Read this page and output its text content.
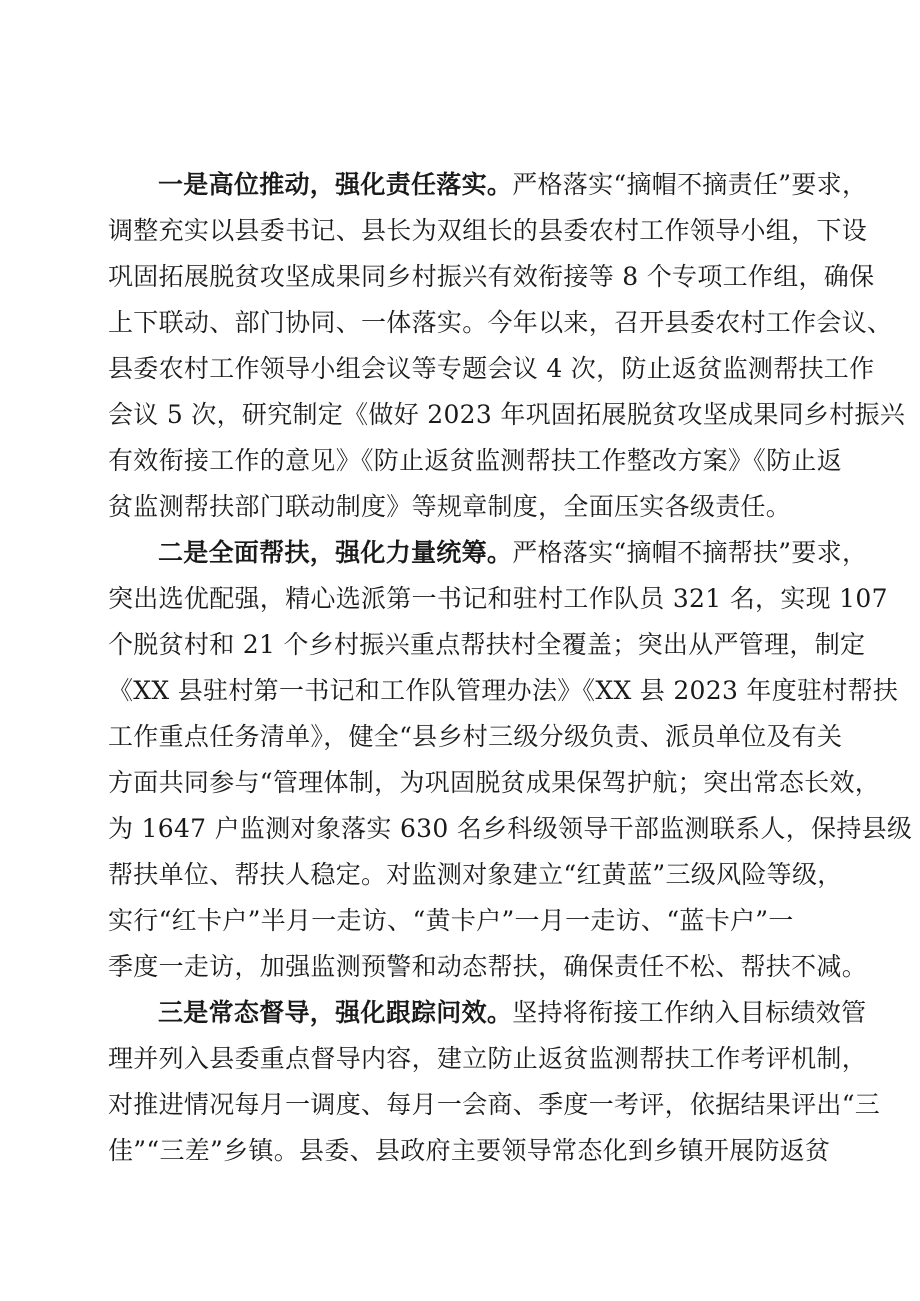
一是高位推动，强化责任落实。严格落实“摘帽不摘责任”要求，
调整充实以县委书记、县长为双组长的县委农村工作领导小组，下设
巩固拓展脱贫攻坚成果同乡村振兴有效衔接等 8 个专项工作组，确保
上下联动、部门协同、一体落实。今年以来，召开县委农村工作会议、
县委农村工作领导小组会议等专题会议 4 次，防止返贫监测帮扶工作
会议 5 次，研究制定《做好 2023 年巩固拓展脱贫攻坚成果同乡村振兴
有效衔接工作的意见》《防止返贫监测帮扶工作整改方案》《防止返
贫监测帮扶部门联动制度》等规章制度，全面压实各级责任。
二是全面帮扶，强化力量统筹。严格落实“摘帽不摘帮扶”要求，
突出选优配强，精心选派第一书记和驻村工作队员 321 名，实现 107
个脱贫村和 21 个乡村振兴重点帮扶村全覆盖；突出从严管理，制定
《XX 县驻村第一书记和工作队管理办法》《XX 县 2023 年度驻村帮扶
工作重点任务清单》，健全“县乡村三级分级负责、派员单位及有关
方面共同参与“管理体制，为巩固脱贫成果保驾护航；突出常态长效，
为 1647 户监测对象落实 630 名乡科级领导干部监测联系人，保持县级
帮扶单位、帮扶人稳定。对监测对象建立“红黄蓝”三级风险等级，
实行“红卡户”半月一走访、“黄卡户”一月一走访、“蓝卡户”一
季度一走访，加强监测预警和动态帮扶，确保责任不松、帮扶不减。
三是常态督导，强化跟踪问效。坚持将衔接工作纳入目标绩效管
理并列入县委重点督导内容，建立防止返贫监测帮扶工作考评机制，
对推进情况每月一调度、每月一会商、季度一考评，依据结果评出“三
佳”“三差”乡镇。县委、县政府主要领导常态化到乡镇开展防返贫
